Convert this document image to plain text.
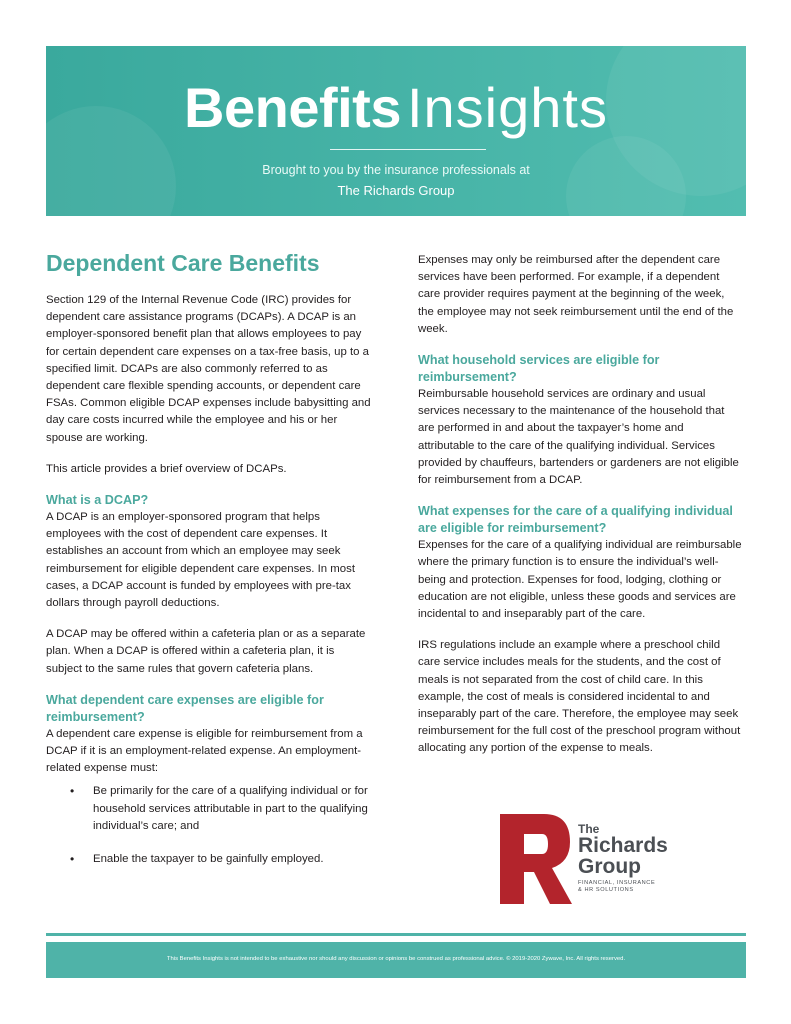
Benefits Insights
Brought to you by the insurance professionals at
The Richards Group
Dependent Care Benefits

Section 129 of the Internal Revenue Code (IRC) provides for dependent care assistance programs (DCAPs). A DCAP is an employer-sponsored benefit plan that allows employees to pay for certain dependent care expenses on a tax-free basis, up to a specified limit. DCAPs are also commonly referred to as dependent care flexible spending accounts, or dependent care FSAs. Common eligible DCAP expenses include babysitting and day care costs incurred while the employee and his or her spouse are working.

This article provides a brief overview of DCAPs.

What is a DCAP?

A DCAP is an employer-sponsored program that helps employees with the cost of dependent care expenses. It establishes an account from which an employee may seek reimbursement for eligible dependent care expenses. In most cases, a DCAP account is funded by employees with pre-tax dollars through payroll deductions.

A DCAP may be offered within a cafeteria plan or as a separate plan. When a DCAP is offered within a cafeteria plan, it is subject to the same rules that govern cafeteria plans.

What dependent care expenses are eligible for reimbursement?

A dependent care expense is eligible for reimbursement from a DCAP if it is an employment-related expense. An employment-related expense must:

• Be primarily for the care of a qualifying individual or for household services attributable in part to the qualifying individual’s care; and
• Enable the taxpayer to be gainfully employed.

Expenses may only be reimbursed after the dependent care services have been performed. For example, if a dependent care provider requires payment at the beginning of the week, the employee may not seek reimbursement until the end of the week.

What household services are eligible for reimbursement?

Reimbursable household services are ordinary and usual services necessary to the maintenance of the household that are performed in and about the taxpayer’s home and attributable to the care of the qualifying individual. Services provided by chauffeurs, bartenders or gardeners are not eligible for reimbursement from a DCAP.

What expenses for the care of a qualifying individual are eligible for reimbursement?

Expenses for the care of a qualifying individual are reimbursable where the primary function is to ensure the individual’s well-being and protection. Expenses for food, lodging, clothing or education are not eligible, unless these goods and services are incidental to and inseparably part of the care.

IRS regulations include an example where a preschool child care service includes meals for the students, and the cost of meals is not separated from the cost of child care. In this example, the cost of meals is considered incidental to and inseparably part of the care. Therefore, the employee may seek reimbursement for the full cost of the preschool program without allocating any portion of the expense to meals.

The
Richards
Group
FINANCIAL, INSURANCE
& HR SOLUTIONS
This Benefits Insights is not intended to be exhaustive nor should any discussion or opinions be construed as professional advice. © 2019-2020 Zywave, Inc. All rights reserved.
